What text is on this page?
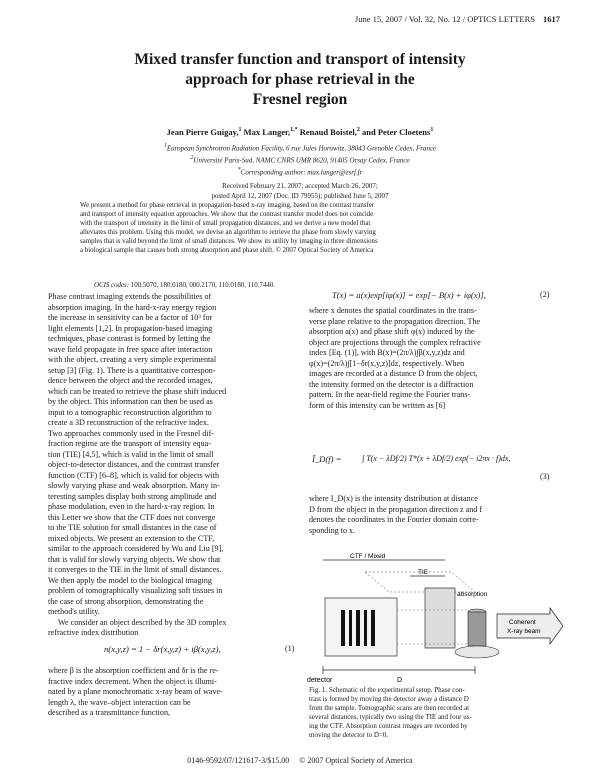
June 15, 2007 / Vol. 32, No. 12 / OPTICS LETTERS 1617
Mixed transfer function and transport of intensity
approach for phase retrieval in the
Fresnel region
Jean Pierre Guigay,$^1$ Max Langer,$^{1,*}$ Renaud Boistel,$^2$ and Peter Cloetens$^1$
1European Synchrotron Radiation Facility, 6 rue Jules Horowitz, 38043 Grenoble Cedex, France
2Université Paris-Sud, NAMC CNRS UMR 8620, 91405 Orsay Cedex, France
*Corresponding author: max.langer@esrf.fr
Received February 21, 2007; accepted March 26, 2007;
posted April 12, 2007 (Doc. ID 79955); published June 5, 2007
We present a method for phase retrieval in propagation-based x-ray imaging, based on the contrast transfer
and transport of intensity equation approaches. We show that the contrast transfer model does not coincide
with the transport of intensity in the limit of small propagation distances, and we derive a new model that
alleviates this problem. Using this model, we devise an algorithm to retrieve the phase from slowly varying
samples that is valid beyond the limit of small distances. We show its utility by imaging in three dimensions
a biological sample that causes both strong absorption and phase shift. © 2007 Optical Society of America
OCIS codes: 100.5070, 180.0180, 000.2170, 110.0180, 110.7440.
Phase contrast imaging extends the possibilities of
absorption imaging. In the hard-x-ray energy region
the increase in sensitivity can be a factor of 10³ for
light elements [1,2]. In propagation-based imaging
techniques, phase contrast is formed by letting the
wave field propagate in free space after interaction
with the object, creating a very simple experimental
setup [3] (Fig. 1). There is a quantitative correspon-
dence between the object and the recorded images,
which can be treated to retrieve the phase shift induced
by the object. This information can then be used as
input to a tomographic reconstruction algorithm to
create a 3D reconstruction of the refractive index.
Two approaches commonly used in the Fresnel dif-
fraction regime are the transport of intensity equa-
tion (TIE) [4,5], which is valid in the limit of small
object-to-detector distances, and the contrast transfer
function (CTF) [6–8], which is valid for objects with
slowly varying phase and weak absorption. Many in-
teresting samples display both strong amplitude and
phase modulation, even in the hard-x-ray region. In
this Letter we show that the CTF does not converge
to the TIE solution for small distances in the case of
mixed objects. We present an extension to the CTF,
similar to the approach considered by Wu and Liu [9],
that is valid for slowly varying objects. We show that
it converges to the TIE in the limit of small distances.
We then apply the model to the biological imaging
problem of tomographically visualizing soft tissues in
the case of strong absorption, demonstrating the
method's utility.
We consider an object described by the 3D complex
refractive index distribution
n(x,y,z) = 1 − δr(x,y,z) + iβ(x,y,z),	(1)
where β is the absorption coefficient and δr is the re-
fractive index decrement. When the object is illumi-
nated by a plane monochromatic x-ray beam of wave-
length λ, the wave–object interaction can be
described as a transmittance function,
T(x) = a(x)exp[iφ(x)] = exp[− B(x) + iφ(x)],	(2)
where x denotes the spatial coordinates in the trans-
verse plane relative to the propagation direction. The
absorption a(x) and phase shift φ(x) induced by the
object are projections through the complex refractive
index [Eq. (1)], with B(x)=(2π/λ)∫β(x,y,z)dz and
φ(x)=(2π/λ)∫[1−δr(x,y,z)]dz, respectively. When
images are recorded at a distance D from the object,
the intensity formed on the detector is a diffraction
pattern. In the near-field regime the Fourier trans-
form of this intensity can be written as [6]
Ĩ_D(f) =	∫ T(x − λDf/2) T*(x + λDf/2) exp(− i2πx · f)dx,
(3)
where I_D(x) is the intensity distribution at distance
D from the object in the propagation direction z and f
denotes the coordinates in the Fourier domain corre-
sponding to x.
CTF / Mixed
TIE
absorption
Coherent
X-ray beam
detector	D
Fig. 1. Schematic of the experimental setup. Phase con-
trast is formed by moving the detector away a distance D
from the sample. Tomographic scans are then recorded at
several distances, typically two using the TIE and four us-
ing the CTF. Absorption contrast images are recorded by
moving the detector to D=0.
0146-9592/07/121617-3/$15.00 © 2007 Optical Society of America
